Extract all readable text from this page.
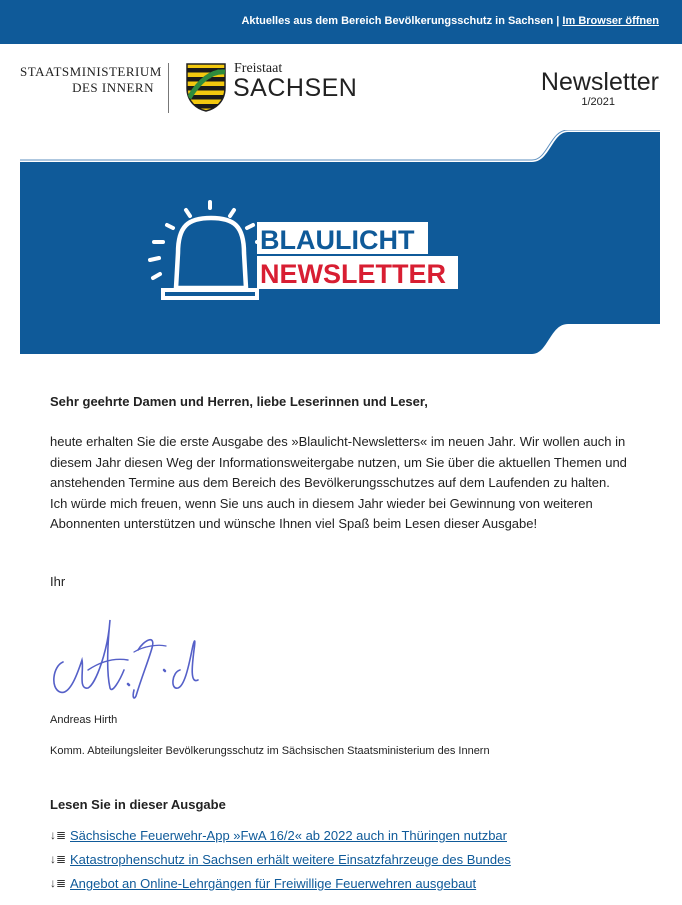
Aktuelles aus dem Bereich Bevölkerungsschutz in Sachsen | Im Browser öffnen
STAATSMINISTERIUM
DES INNERN
Freistaat
SACHSEN	Newsletter
1/2021
BLAULICHT
NEWSLETTER
Sehr geehrte Damen und Herren, liebe Leserinnen und Leser,
heute erhalten Sie die erste Ausgabe des »Blaulicht-Newsletters« im neuen Jahr. Wir wollen auch in diesem Jahr diesen Weg der Informationsweitergabe nutzen, um Sie über die aktuellen Themen und anstehenden Termine aus dem Bereich des Bevölkerungsschutzes auf dem Laufenden zu halten. Ich würde mich freuen, wenn Sie uns auch in diesem Jahr wieder bei Gewinnung von weiteren Abonnenten unterstützen und wünsche Ihnen viel Spaß beim Lesen dieser Ausgabe!
Ihr
Andreas Hirth
Komm. Abteilungsleiter Bevölkerungsschutz im Sächsischen Staatsministerium des Innern
Lesen Sie in dieser Ausgabe
↓≣ Sächsische Feuerwehr-App »FwA 16/2« ab 2022 auch in Thüringen nutzbar
↓≣ Katastrophenschutz in Sachsen erhält weitere Einsatzfahrzeuge des Bundes
↓≣ Angebot an Online-Lehrgängen für Freiwillige Feuerwehren ausgebaut
